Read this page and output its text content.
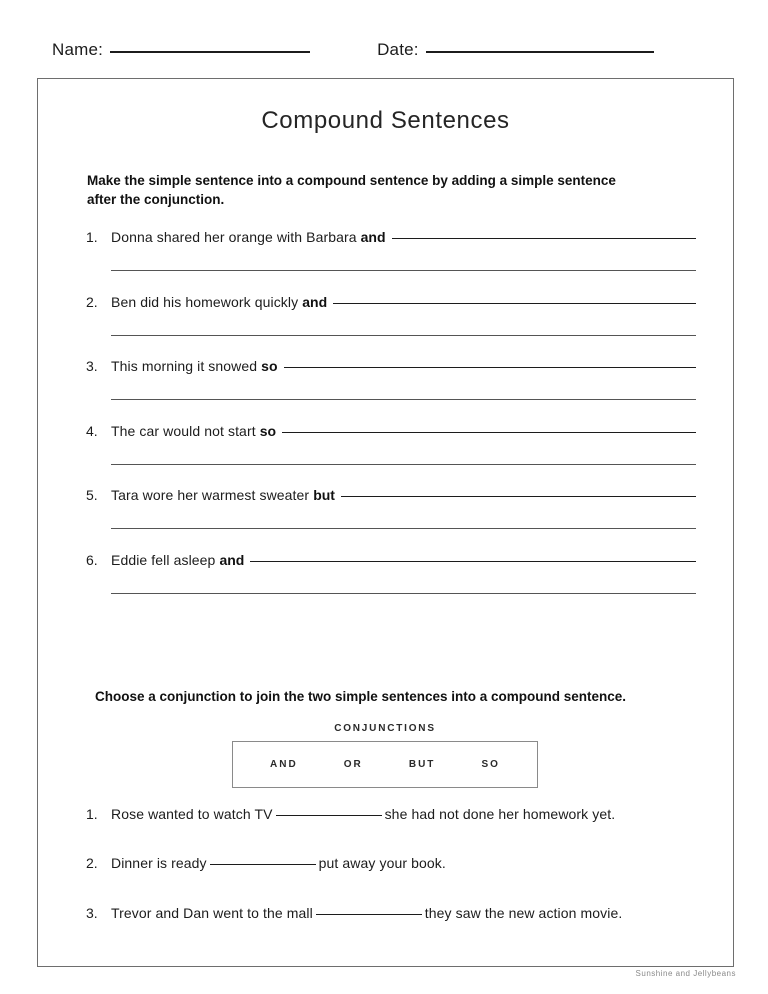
Name:	Date:
Compound Sentences
Make the simple sentence into a compound sentence by adding a simple sentence after the conjunction.
1. Donna shared her orange with Barbara and
2. Ben did his homework quickly and
3. This morning it snowed so
4. The car would not start so
5. Tara wore her warmest sweater but
6. Eddie fell asleep and
Choose a conjunction to join the two simple sentences into a compound sentence.
CONJUNCTIONS
AND	OR	BUT	SO
1. Rose wanted to watch TV	she had not done her homework yet.
2. Dinner is ready	put away your book.
3. Trevor and Dan went to the mall	they saw the new action movie.
Sunshine and Jellybeans
